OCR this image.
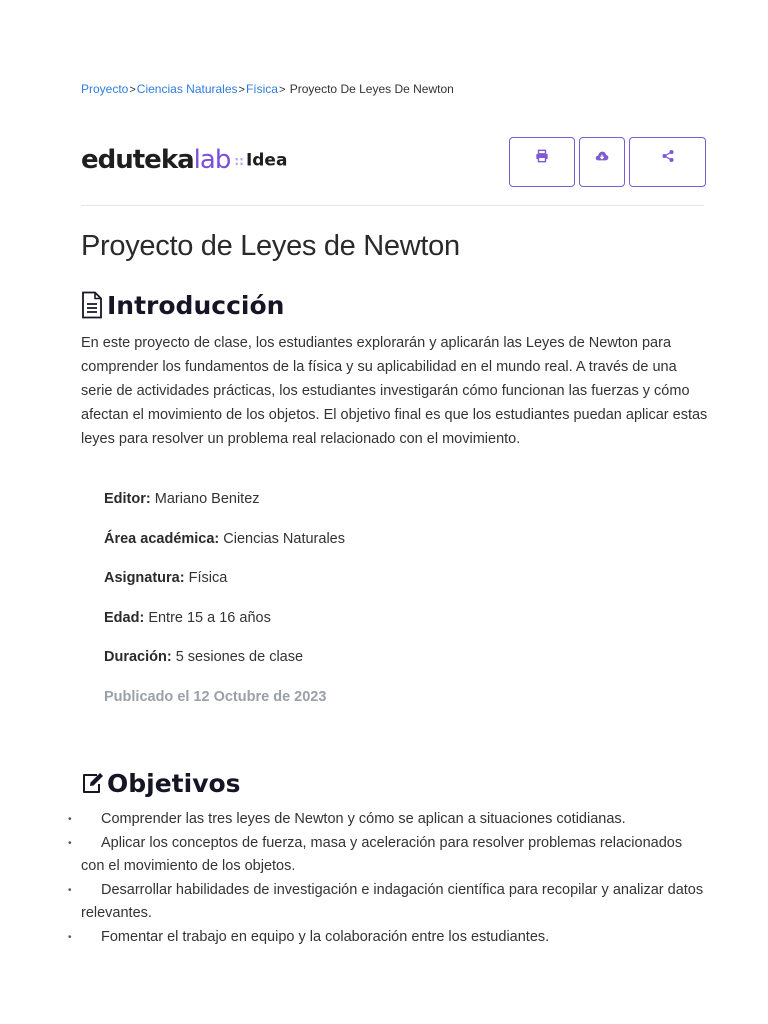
Proyecto>Ciencias Naturales>Física> Proyecto De Leyes De Newton
edutekalab :: Idea
Proyecto de Leyes de Newton
Introducción

En este proyecto de clase, los estudiantes explorarán y aplicarán las Leyes de Newton para comprender los fundamentos de la física y su aplicabilidad en el mundo real. A través de una serie de actividades prácticas, los estudiantes investigarán cómo funcionan las fuerzas y cómo afectan el movimiento de los objetos. El objetivo final es que los estudiantes puedan aplicar estas leyes para resolver un problema real relacionado con el movimiento.

Editor: Mariano Benitez
Área académica: Ciencias Naturales
Asignatura: Física
Edad: Entre 15 a 16 años
Duración: 5 sesiones de clase
Publicado el 12 Octubre de 2023
Objetivos
• Comprender las tres leyes de Newton y cómo se aplican a situaciones cotidianas.
• Aplicar los conceptos de fuerza, masa y aceleración para resolver problemas relacionados con el movimiento de los objetos.
• Desarrollar habilidades de investigación e indagación científica para recopilar y analizar datos relevantes.
• Fomentar el trabajo en equipo y la colaboración entre los estudiantes.
